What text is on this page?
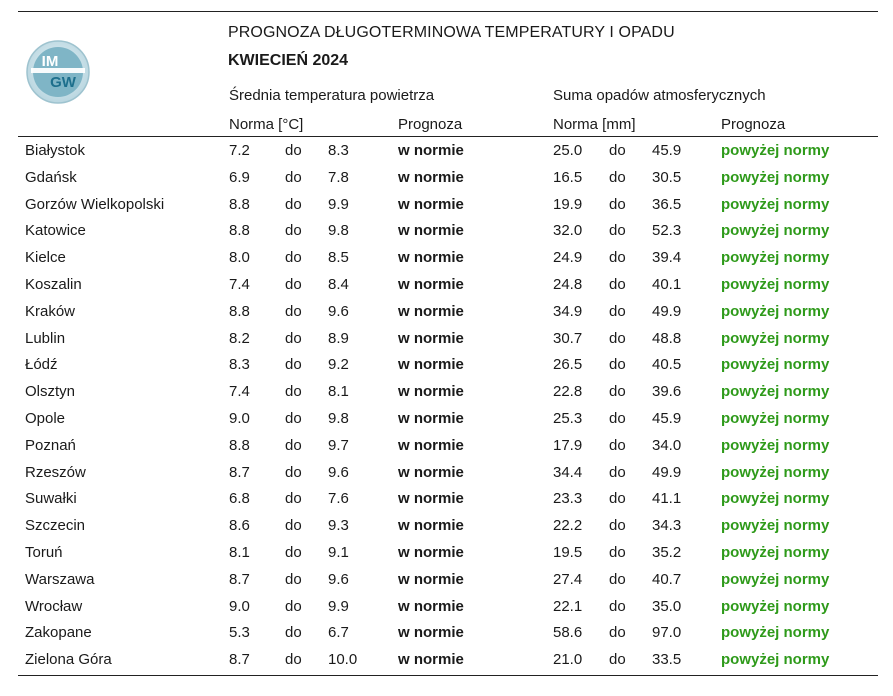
IM
GW
PROGNOZA DŁUGOTERMINOWA TEMPERATURY I OPADU
KWIECIEŃ 2024
Średnia temperatura powietrza	Suma opadów atmosferycznych
Norma [°C]	Prognoza	Norma [mm]	Prognoza
Białystok	7.2 do 8.3	w normie	25.0 do 45.9	powyżej normy
Gdańsk	6.9 do 7.8	w normie	16.5 do 30.5	powyżej normy
Gorzów Wielkopolski	8.8 do 9.9	w normie	19.9 do 36.5	powyżej normy
Katowice	8.8 do 9.8	w normie	32.0 do 52.3	powyżej normy
Kielce	8.0 do 8.5	w normie	24.9 do 39.4	powyżej normy
Koszalin	7.4 do 8.4	w normie	24.8 do 40.1	powyżej normy
Kraków	8.8 do 9.6	w normie	34.9 do 49.9	powyżej normy
Lublin	8.2 do 8.9	w normie	30.7 do 48.8	powyżej normy
Łódź	8.3 do 9.2	w normie	26.5 do 40.5	powyżej normy
Olsztyn	7.4 do 8.1	w normie	22.8 do 39.6	powyżej normy
Opole	9.0 do 9.8	w normie	25.3 do 45.9	powyżej normy
Poznań	8.8 do 9.7	w normie	17.9 do 34.0	powyżej normy
Rzeszów	8.7 do 9.6	w normie	34.4 do 49.9	powyżej normy
Suwałki	6.8 do 7.6	w normie	23.3 do 41.1	powyżej normy
Szczecin	8.6 do 9.3	w normie	22.2 do 34.3	powyżej normy
Toruń	8.1 do 9.1	w normie	19.5 do 35.2	powyżej normy
Warszawa	8.7 do 9.6	w normie	27.4 do 40.7	powyżej normy
Wrocław	9.0 do 9.9	w normie	22.1 do 35.0	powyżej normy
Zakopane	5.3 do 6.7	w normie	58.6 do 97.0	powyżej normy
Zielona Góra	8.7 do 10.0	w normie	21.0 do 33.5	powyżej normy
